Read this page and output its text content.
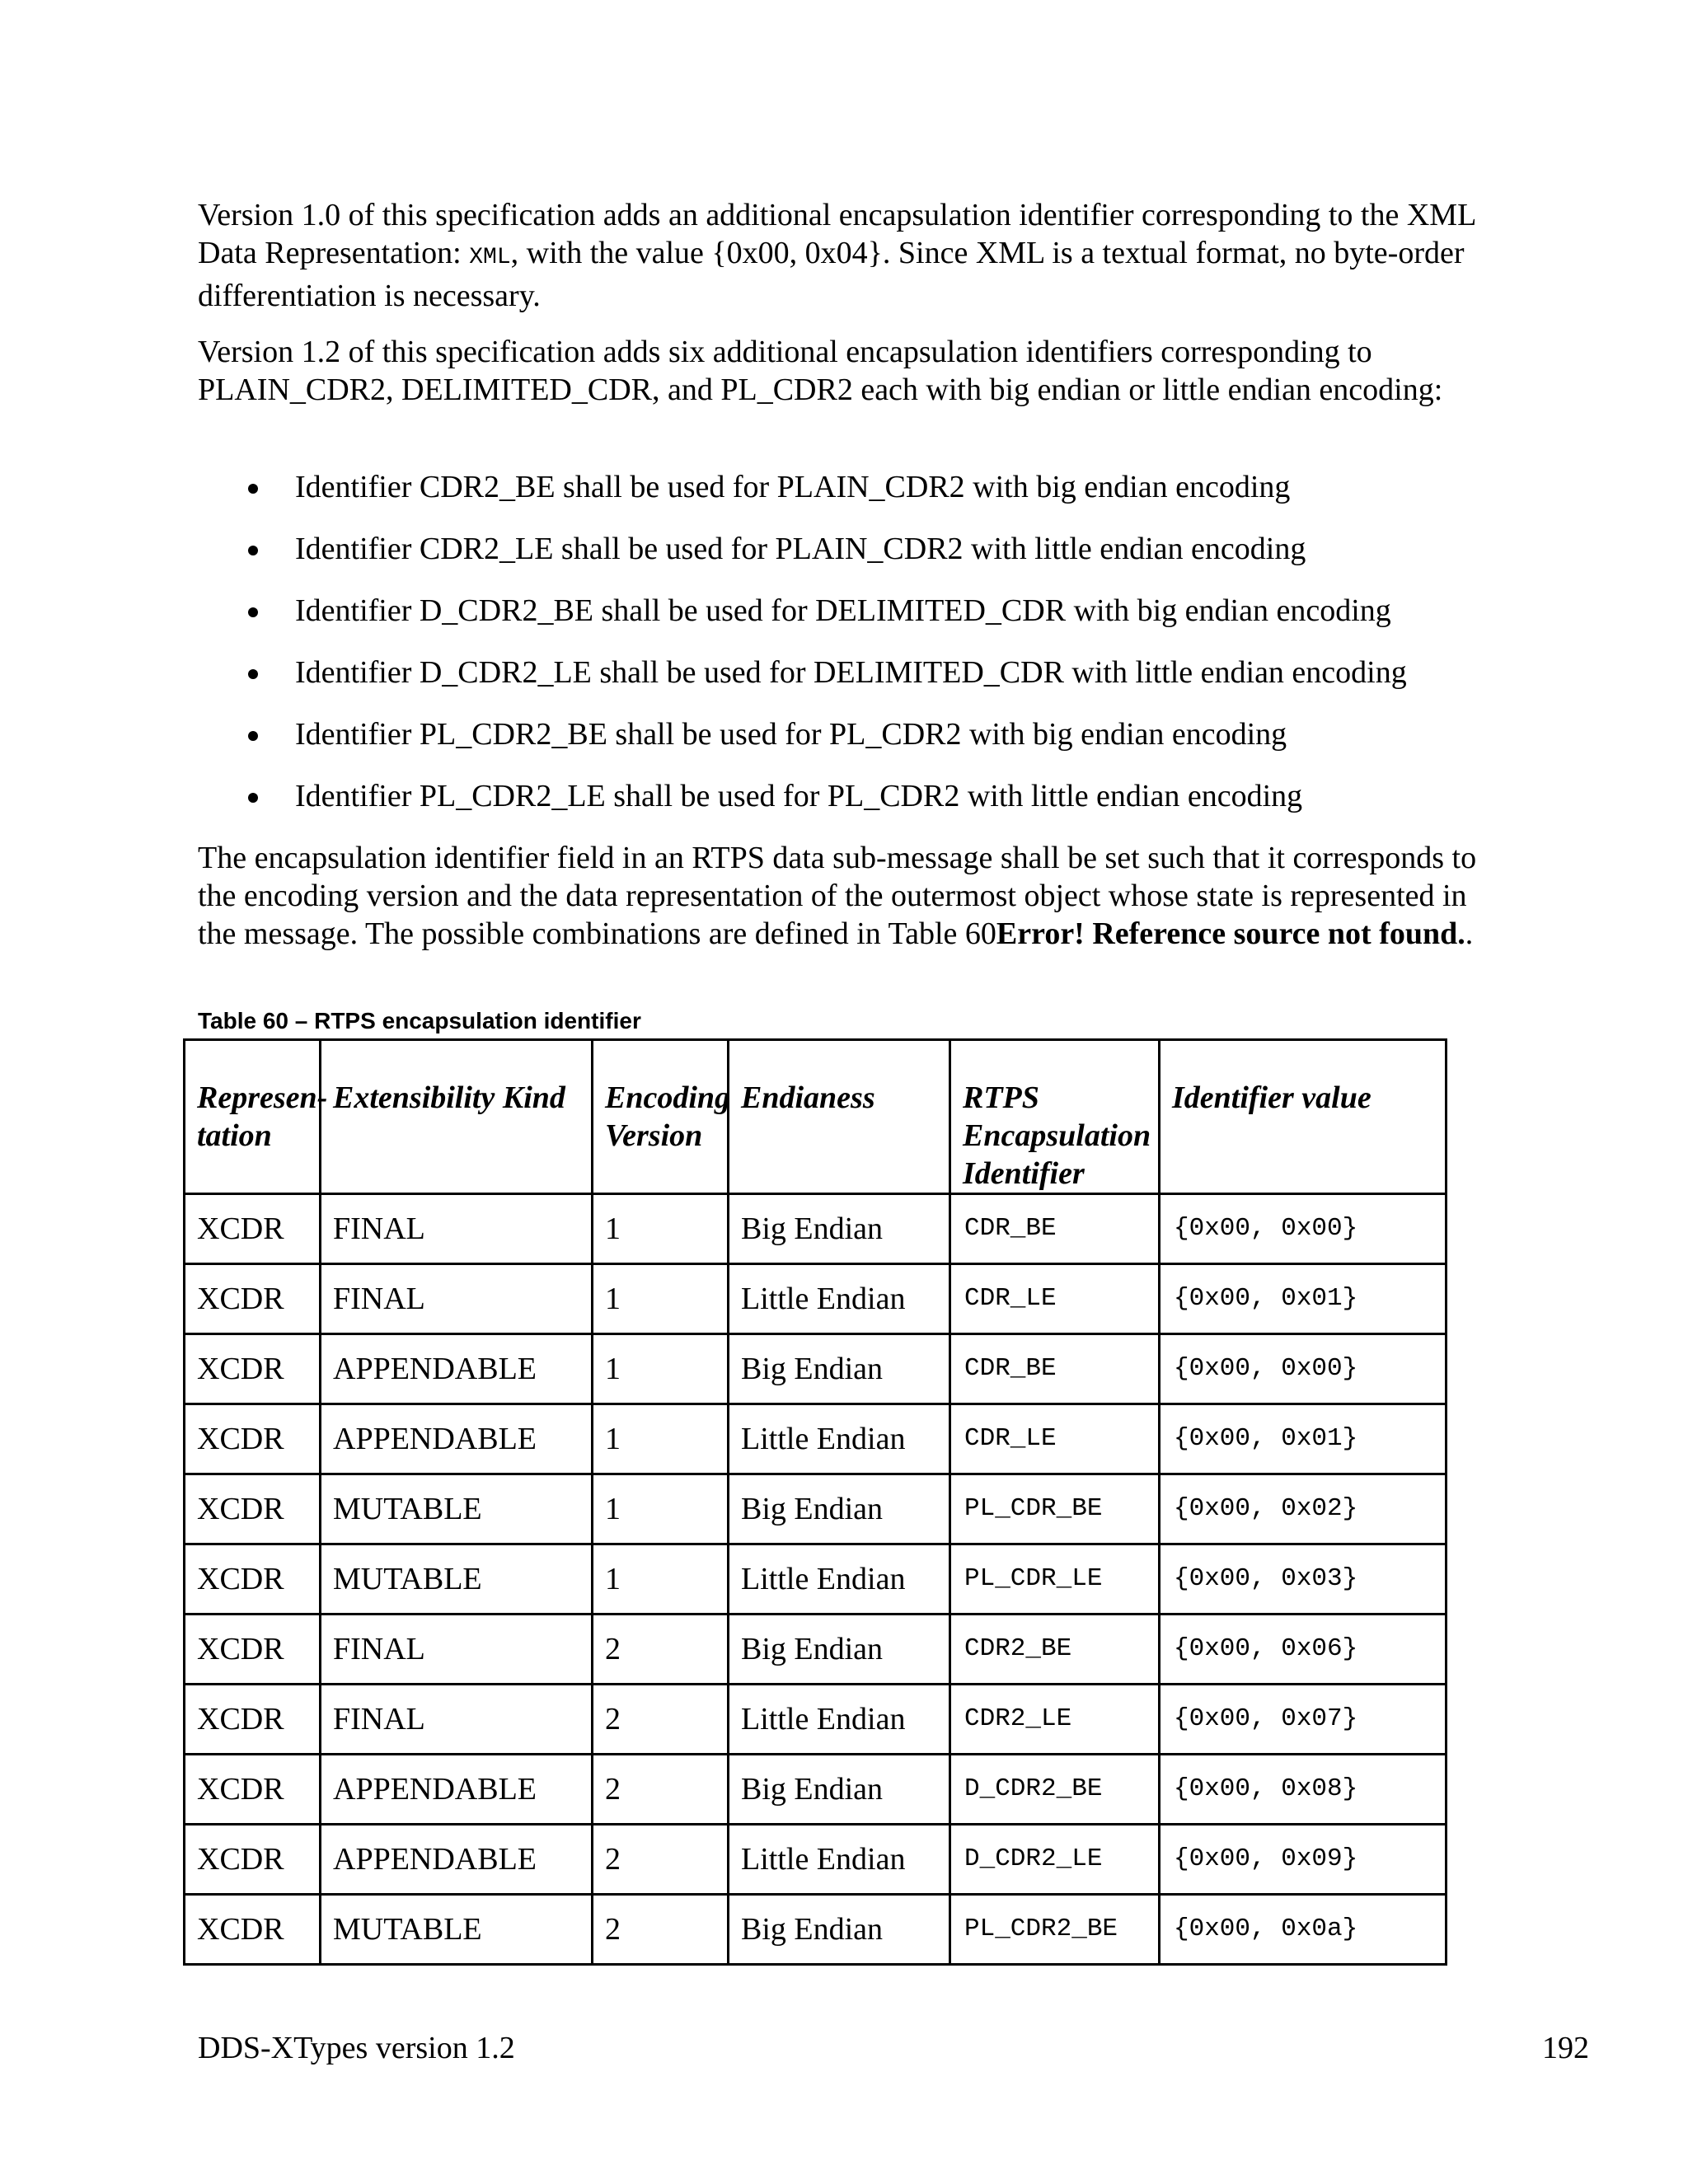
Version 1.0 of this specification adds an additional encapsulation identifier corresponding to the XML Data Representation: XML, with the value {0x00, 0x04}. Since XML is a textual format, no byte-order differentiation is necessary.

Version 1.2 of this specification adds six additional encapsulation identifiers corresponding to PLAIN_CDR2, DELIMITED_CDR, and PL_CDR2 each with big endian or little endian encoding:

Identifier CDR2_BE shall be used for PLAIN_CDR2 with big endian encoding
Identifier CDR2_LE shall be used for PLAIN_CDR2 with little endian encoding
Identifier D_CDR2_BE shall be used for DELIMITED_CDR with big endian encoding
Identifier D_CDR2_LE shall be used for DELIMITED_CDR with little endian encoding
Identifier PL_CDR2_BE shall be used for PL_CDR2 with big endian encoding
Identifier PL_CDR2_LE shall be used for PL_CDR2 with little endian encoding

The encapsulation identifier field in an RTPS data sub-message shall be set such that it corresponds to the encoding version and the data representation of the outermost object whose state is represented in the message. The possible combinations are defined in Table 60Error! Reference source not found..

Table 60 – RTPS encapsulation identifier
Representation	Extensibility Kind	Encoding Version	Endianess	RTPS Encapsulation Identifier	Identifier value
XCDR	FINAL	1	Big Endian	CDR_BE	{0x00, 0x00}
XCDR	FINAL	1	Little Endian	CDR_LE	{0x00, 0x01}
XCDR	APPENDABLE	1	Big Endian	CDR_BE	{0x00, 0x00}
XCDR	APPENDABLE	1	Little Endian	CDR_LE	{0x00, 0x01}
XCDR	MUTABLE	1	Big Endian	PL_CDR_BE	{0x00, 0x02}
XCDR	MUTABLE	1	Little Endian	PL_CDR_LE	{0x00, 0x03}
XCDR	FINAL	2	Big Endian	CDR2_BE	{0x00, 0x06}
XCDR	FINAL	2	Little Endian	CDR2_LE	{0x00, 0x07}
XCDR	APPENDABLE	2	Big Endian	D_CDR2_BE	{0x00, 0x08}
XCDR	APPENDABLE	2	Little Endian	D_CDR2_LE	{0x00, 0x09}
XCDR	MUTABLE	2	Big Endian	PL_CDR2_BE	{0x00, 0x0a}
DDS-XTypes version 1.2	192
